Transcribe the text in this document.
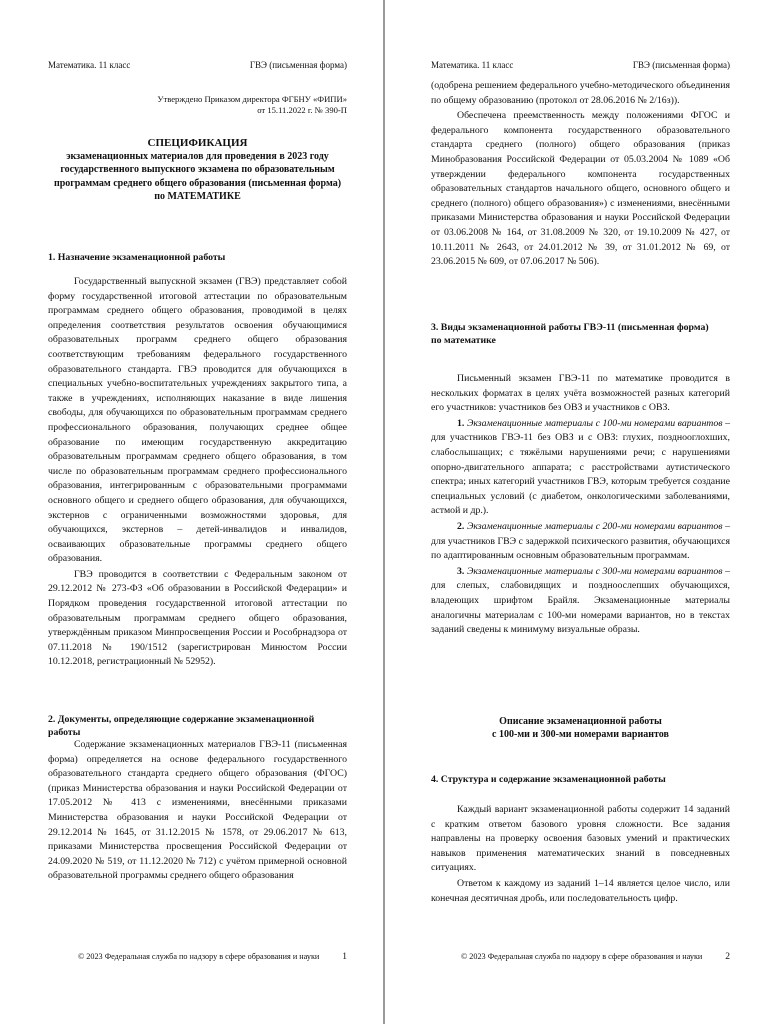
Математика. 11 класс	ГВЭ (письменная форма)
Утверждено Приказом директора ФГБНУ «ФИПИ»
от 15.11.2022 г. № 390-П
СПЕЦИФИКАЦИЯ
экзаменационных материалов для проведения в 2023 году
государственного выпускного экзамена по образовательным
программам среднего общего образования (письменная форма)
по МАТЕМАТИКЕ
1. Назначение экзаменационной работы

Государственный выпускной экзамен (ГВЭ) представляет собой форму государственной итоговой аттестации по образовательным программам среднего общего образования, проводимой в целях определения соответствия результатов освоения обучающимися образовательных программ среднего общего образования соответствующим требованиям федерального государственного образовательного стандарта. ГВЭ проводится для обучающихся в специальных учебно-воспитательных учреждениях закрытого типа, а также в учреждениях, исполняющих наказание в виде лишения свободы, для обучающихся по образовательным программам среднего профессионального образования, получающих среднее общее образование по имеющим государственную аккредитацию образовательным программам среднего общего образования, в том числе по образовательным программам среднего профессионального образования, интегрированным с образовательными программами основного общего и среднего общего образования, для обучающихся, экстернов с ограниченными возможностями здоровья, для обучающихся, экстернов – детей-инвалидов и инвалидов, осваивающих образовательные программы среднего общего образования.

ГВЭ проводится в соответствии с Федеральным законом от 29.12.2012 № 273-ФЗ «Об образовании в Российской Федерации» и Порядком проведения государственной итоговой аттестации по образовательным программам среднего общего образования, утверждённым приказом Минпросвещения России и Рособрнадзора от 07.11.2018 № 190/1512 (зарегистрирован Минюстом России 10.12.2018, регистрационный № 52952).

2. Документы, определяющие содержание экзаменационной работы

Содержание экзаменационных материалов ГВЭ-11 (письменная форма) определяется на основе федерального государственного образовательного стандарта среднего общего образования (ФГОС) (приказ Министерства образования и науки Российской Федерации от 17.05.2012 № 413 с изменениями, внесёнными приказами Министерства образования и науки Российской Федерации от 29.12.2014 № 1645, от 31.12.2015 № 1578, от 29.06.2017 № 613, приказами Министерства просвещения Российской Федерации от 24.09.2020 № 519, от 11.12.2020 № 712) с учётом примерной основной образовательной программы среднего общего образования

© 2023 Федеральная служба по надзору в сфере образования и науки 1
Математика. 11 класс	ГВЭ (письменная форма)

(одобрена решением федерального учебно-методического объединения по общему образованию (протокол от 28.06.2016 № 2/16з)).

Обеспечена преемственность между положениями ФГОС и федерального компонента государственного образовательного стандарта среднего (полного) общего образования (приказ Минобразования Российской Федерации от 05.03.2004 № 1089 «Об утверждении федерального компонента государственных образовательных стандартов начального общего, основного общего и среднего (полного) общего образования») с изменениями, внесёнными приказами Министерства образования и науки Российской Федерации от 03.06.2008 № 164, от 31.08.2009 № 320, от 19.10.2009 № 427, от 10.11.2011 № 2643, от 24.01.2012 № 39, от 31.01.2012 № 69, от 23.06.2015 № 609, от 07.06.2017 № 506).

3. Виды экзаменационной работы ГВЭ-11 (письменная форма)
по математике

Письменный экзамен ГВЭ-11 по математике проводится в нескольких форматах в целях учёта возможностей разных категорий его участников: участников без ОВЗ и участников с ОВЗ.

1. Экзаменационные материалы с 100-ми номерами вариантов – для участников ГВЭ-11 без ОВЗ и с ОВЗ: глухих, позднооглохших, слабослышащих; с тяжёлыми нарушениями речи; с нарушениями опорно-двигательного аппарата; с расстройствами аутистического спектра; иных категорий участников ГВЭ, которым требуется создание специальных условий (с диабетом, онкологическими заболеваниями, астмой и др.).

2. Экзаменационные материалы с 200-ми номерами вариантов – для участников ГВЭ с задержкой психического развития, обучающихся по адаптированным основным образовательным программам.

3. Экзаменационные материалы с 300-ми номерами вариантов – для слепых, слабовидящих и поздноослепших обучающихся, владеющих шрифтом Брайля. Экзаменационные материалы аналогичны материалам с 100-ми номерами вариантов, но в текстах заданий сведены к минимуму визуальные образы.

Описание экзаменационной работы
с 100-ми и 300-ми номерами вариантов
4. Структура и содержание экзаменационной работы

Каждый вариант экзаменационной работы содержит 14 заданий с кратким ответом базового уровня сложности. Все задания направлены на проверку освоения базовых умений и практических навыков применения математических знаний в повседневных ситуациях.

Ответом к каждому из заданий 1–14 является целое число, или конечная десятичная дробь, или последовательность цифр.

© 2023 Федеральная служба по надзору в сфере образования и науки 2
